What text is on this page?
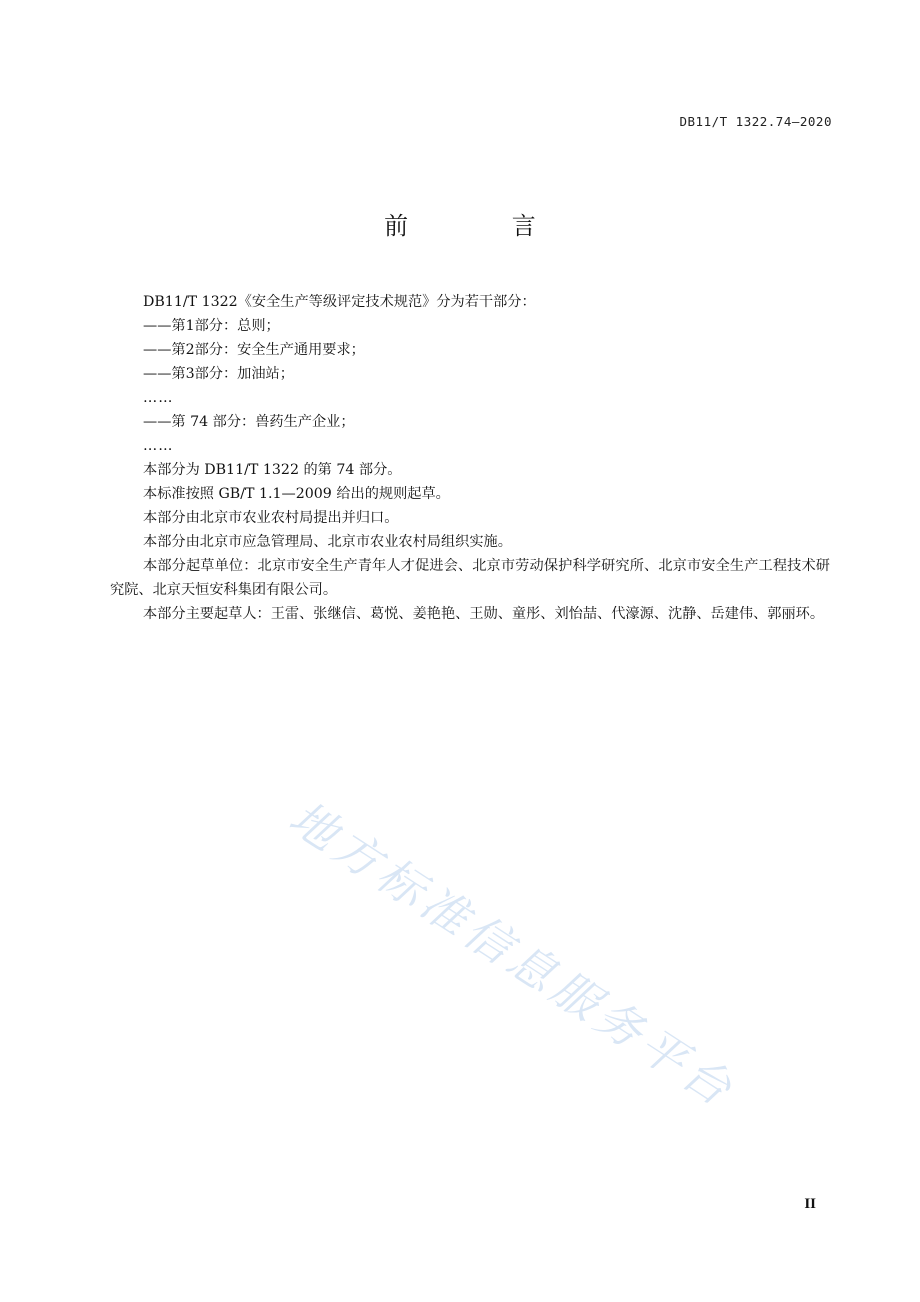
DB11/T 1322.74—2020
前 言

DB11/T 1322《安全生产等级评定技术规范》分为若干部分：

——第1部分：总则；

——第2部分：安全生产通用要求；

——第3部分：加油站；

……

——第 74 部分：兽药生产企业；

……

本部分为 DB11/T 1322 的第 74 部分。

本标准按照 GB/T 1.1—2009 给出的规则起草。

本部分由北京市农业农村局提出并归口。

本部分由北京市应急管理局、北京市农业农村局组织实施。

本部分起草单位：北京市安全生产青年人才促进会、北京市劳动保护科学研究所、北京市安全生产工程技术研究院、北京天恒安科集团有限公司。

本部分主要起草人：王雷、张继信、葛悦、姜艳艳、王勋、童彤、刘怡喆、代濠源、沈静、岳建伟、郭丽环。

地方标准信息服务平台
II
